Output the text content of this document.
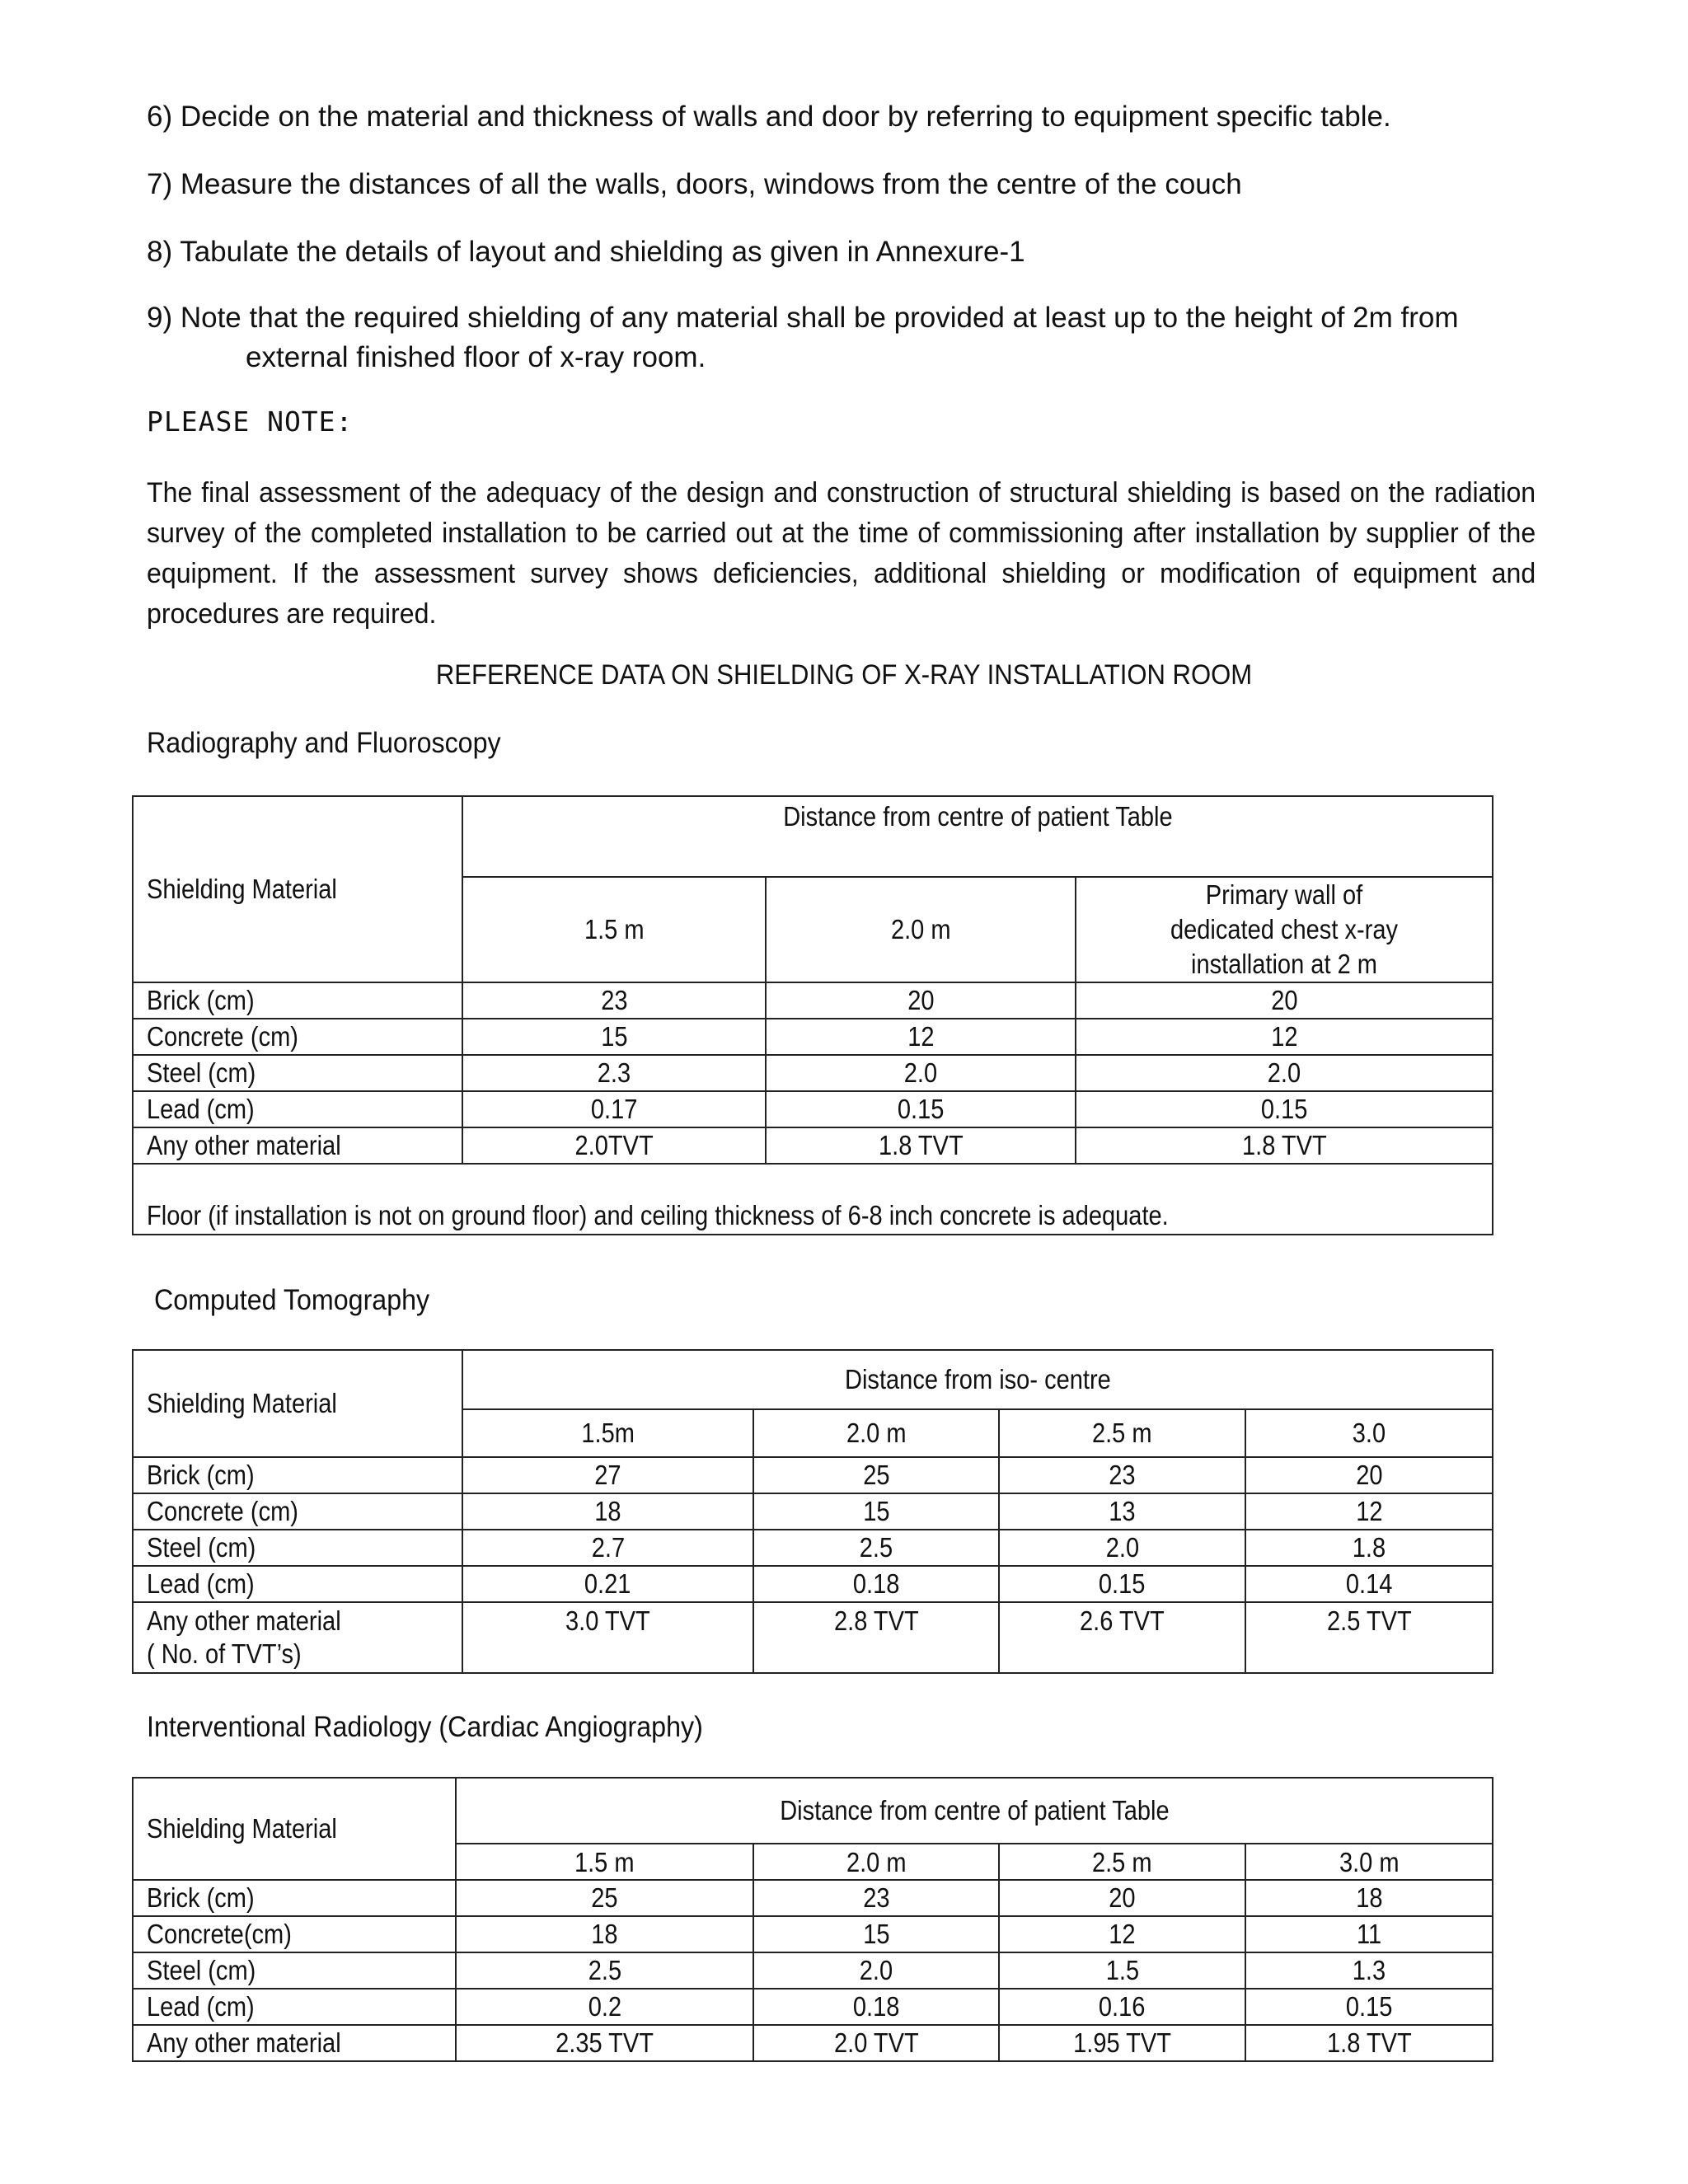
6) Decide on the material and thickness of walls and door by referring to equipment specific table.
7) Measure the distances of all the walls, doors, windows from the centre of the couch
8) Tabulate the details of layout and shielding as given in Annexure-1
9) Note that the required shielding of any material shall be provided at least up to the height of 2m from
external finished floor of x-ray room.
PLEASE NOTE:
The final assessment of the adequacy of the design and construction of structural shielding is based on the radiation survey of the completed installation to be carried out at the time of commissioning after installation by supplier of the equipment. If the assessment survey shows deficiencies, additional shielding or modification of equipment and procedures are required.
REFERENCE DATA ON SHIELDING OF X-RAY INSTALLATION ROOM
Radiography and Fluoroscopy
Shielding Material	Distance from centre of patient Table		
	1.5 m	2.0 m	Primary wall of dedicated chest x-ray installation at 2 m
Brick (cm)	23	20	20
Concrete (cm)	15	12	12
Steel (cm)	2.3	2.0	2.0
Lead (cm)	0.17	0.15	0.15
Any other material	2.0TVT	1.8 TVT	1.8 TVT
Floor (if installation is not on ground floor) and ceiling thickness of 6-8 inch concrete is adequate.			
Computed Tomography
Shielding Material	Distance from iso- centre			
	1.5m	2.0 m	2.5 m	3.0
Brick (cm)	27	25	23	20
Concrete (cm)	18	15	13	12
Steel (cm)	2.7	2.5	2.0	1.8
Lead (cm)	0.21	0.18	0.15	0.14
Any other material
( No. of TVT’s)	3.0 TVT	2.8 TVT	2.6 TVT	2.5 TVT
Interventional Radiology (Cardiac Angiography)
Shielding Material	Distance from centre of patient Table			
	1.5 m	2.0 m	2.5 m	3.0 m
Brick (cm)	25	23	20	18
Concrete(cm)	18	15	12	11
Steel (cm)	2.5	2.0	1.5	1.3
Lead (cm)	0.2	0.18	0.16	0.15
Any other material	2.35 TVT	2.0 TVT	1.95 TVT	1.8 TVT
